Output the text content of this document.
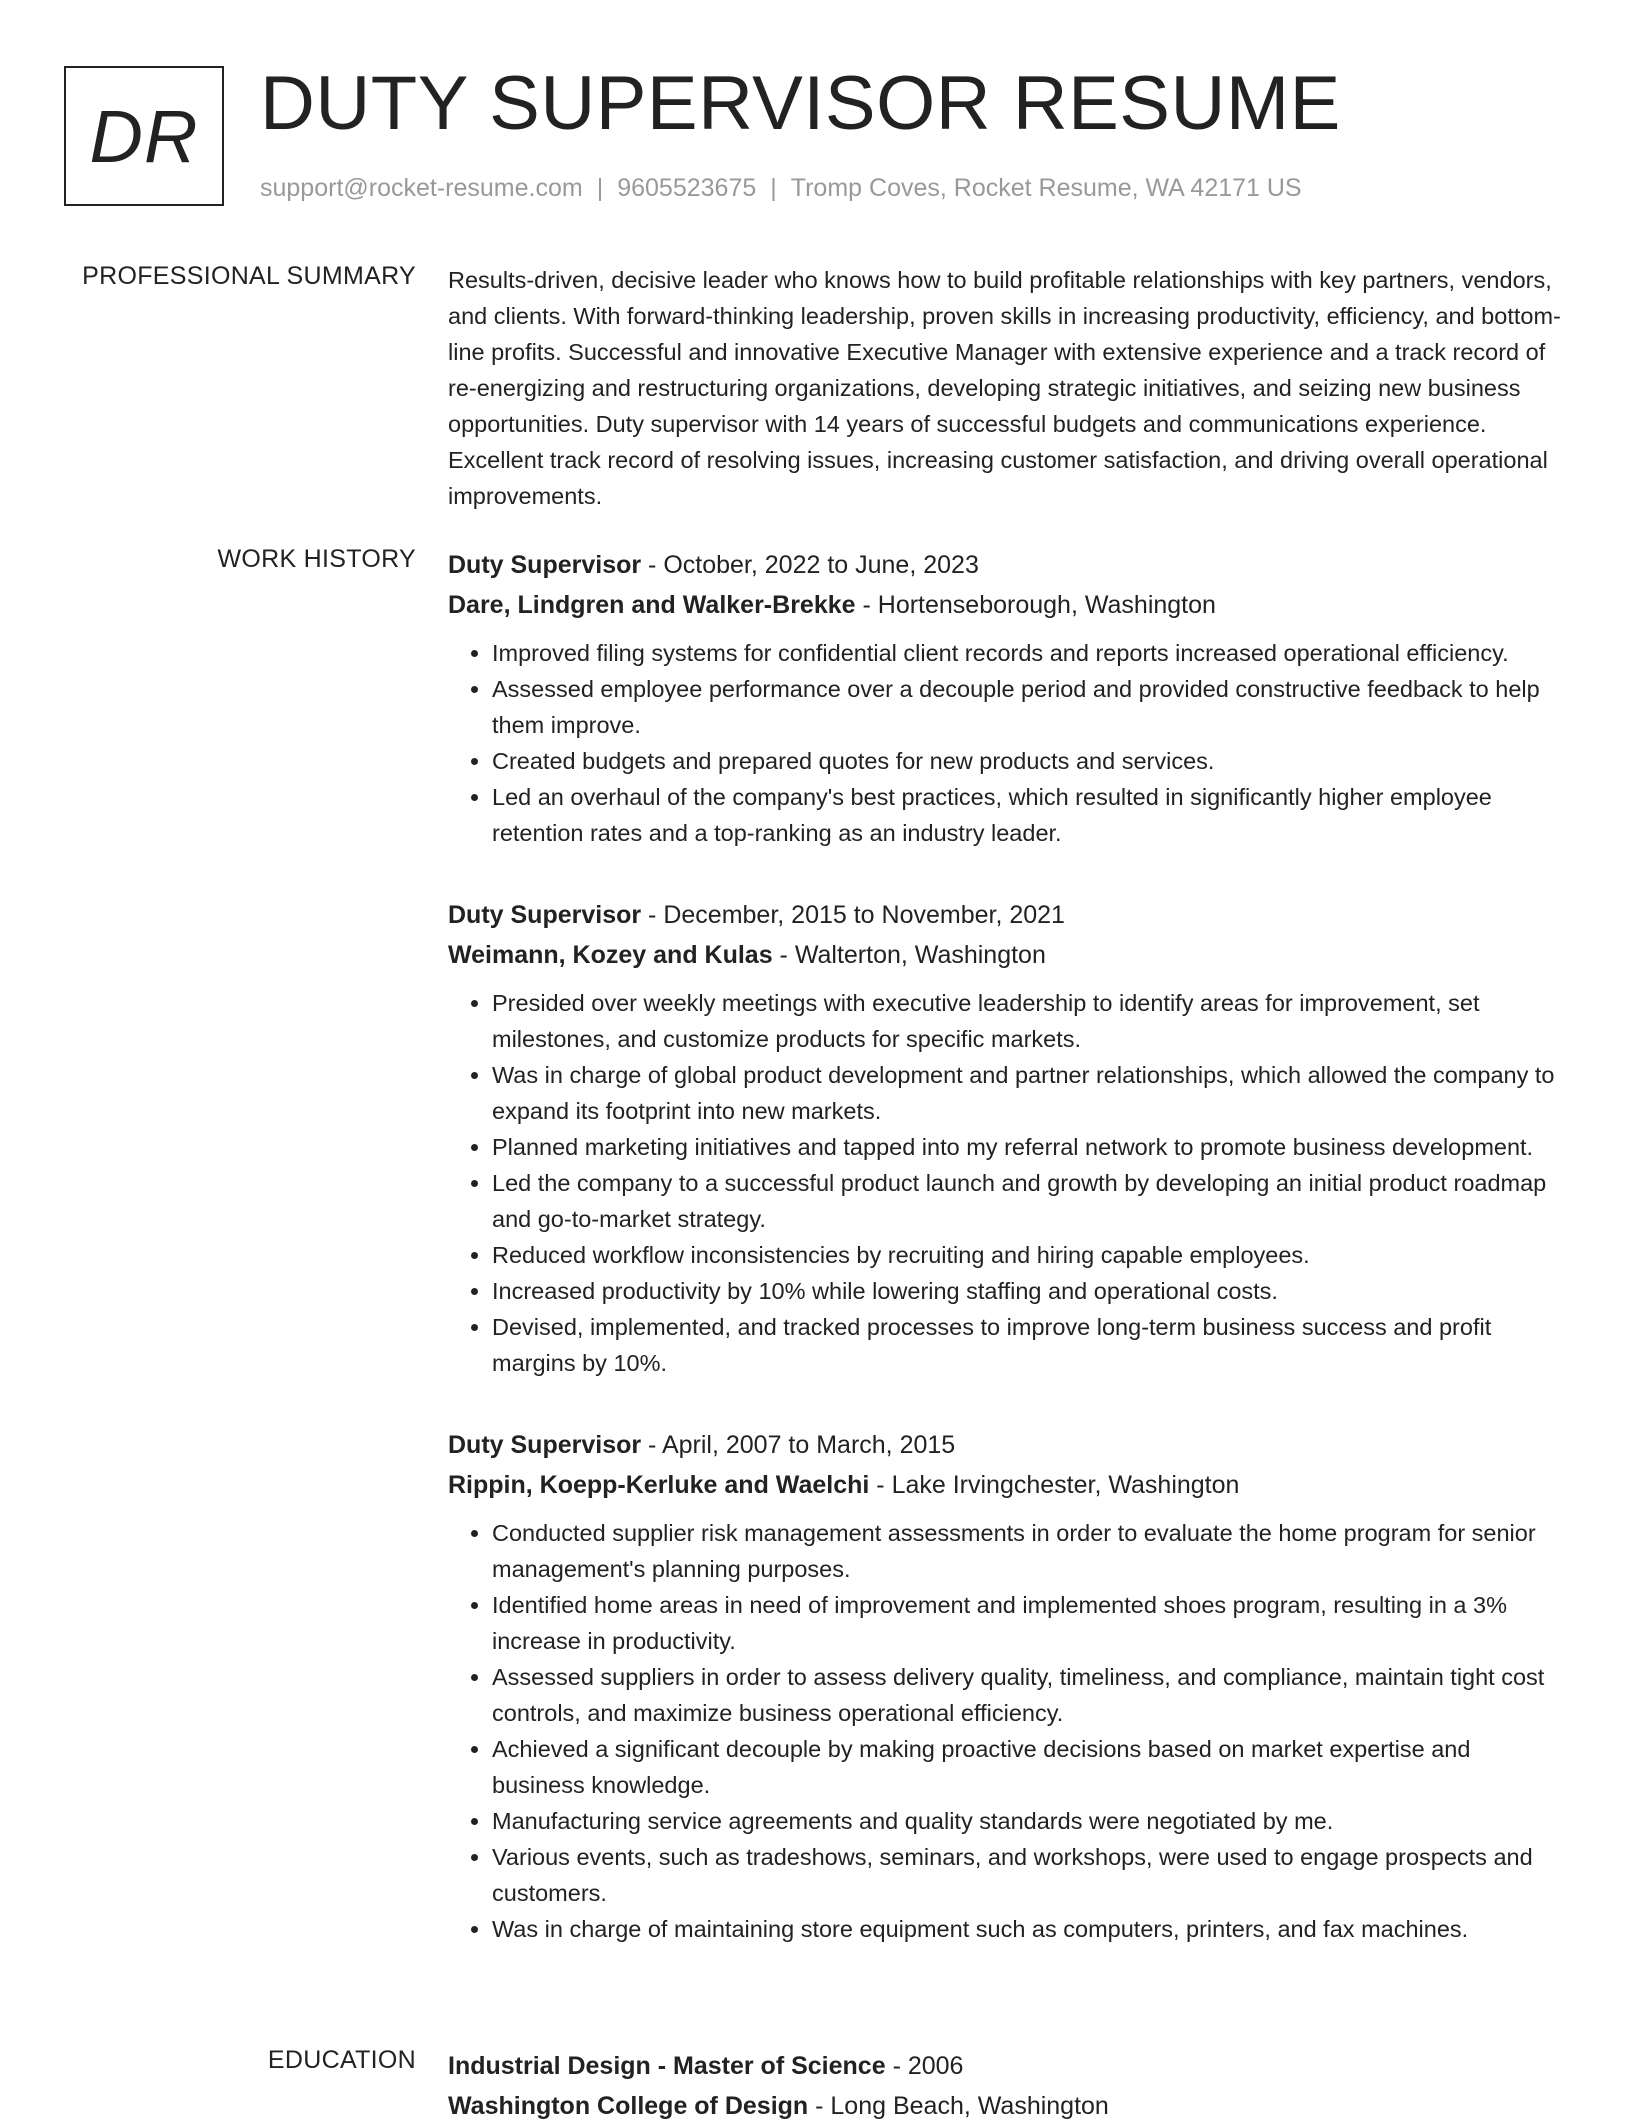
DR DUTY SUPERVISOR RESUME
support@rocket-resume.com | 9605523675 | Tromp Coves, Rocket Resume, WA 42171 US
PROFESSIONAL SUMMARY Results-driven, decisive leader who knows how to build profitable relationships with key partners, vendors, and clients. With forward-thinking leadership, proven skills in increasing productivity, efficiency, and bottom-line profits. Successful and innovative Executive Manager with extensive experience and a track record of re-energizing and restructuring organizations, developing strategic initiatives, and seizing new business opportunities. Duty supervisor with 14 years of successful budgets and communications experience. Excellent track record of resolving issues, increasing customer satisfaction, and driving overall operational improvements.

WORK HISTORY Duty Supervisor - October, 2022 to June, 2023
Dare, Lindgren and Walker-Brekke - Hortenseborough, Washington
• Improved filing systems for confidential client records and reports increased operational efficiency.
• Assessed employee performance over a decouple period and provided constructive feedback to help them improve.
• Created budgets and prepared quotes for new products and services.
• Led an overhaul of the company's best practices, which resulted in significantly higher employee retention rates and a top-ranking as an industry leader.
Duty Supervisor - December, 2015 to November, 2021
Weimann, Kozey and Kulas - Walterton, Washington
• Presided over weekly meetings with executive leadership to identify areas for improvement, set milestones, and customize products for specific markets.
• Was in charge of global product development and partner relationships, which allowed the company to expand its footprint into new markets.
• Planned marketing initiatives and tapped into my referral network to promote business development.
• Led the company to a successful product launch and growth by developing an initial product roadmap and go-to-market strategy.
• Reduced workflow inconsistencies by recruiting and hiring capable employees.
• Increased productivity by 10% while lowering staffing and operational costs.
• Devised, implemented, and tracked processes to improve long-term business success and profit margins by 10%.
Duty Supervisor - April, 2007 to March, 2015
Rippin, Koepp-Kerluke and Waelchi - Lake Irvingchester, Washington
• Conducted supplier risk management assessments in order to evaluate the home program for senior management's planning purposes.
• Identified home areas in need of improvement and implemented shoes program, resulting in a 3% increase in productivity.
• Assessed suppliers in order to assess delivery quality, timeliness, and compliance, maintain tight cost controls, and maximize business operational efficiency.
• Achieved a significant decouple by making proactive decisions based on market expertise and business knowledge.
• Manufacturing service agreements and quality standards were negotiated by me.
• Various events, such as tradeshows, seminars, and workshops, were used to engage prospects and customers.
• Was in charge of maintaining store equipment such as computers, printers, and fax machines.
EDUCATION Industrial Design - Master of Science - 2006
Washington College of Design - Long Beach, Washington
